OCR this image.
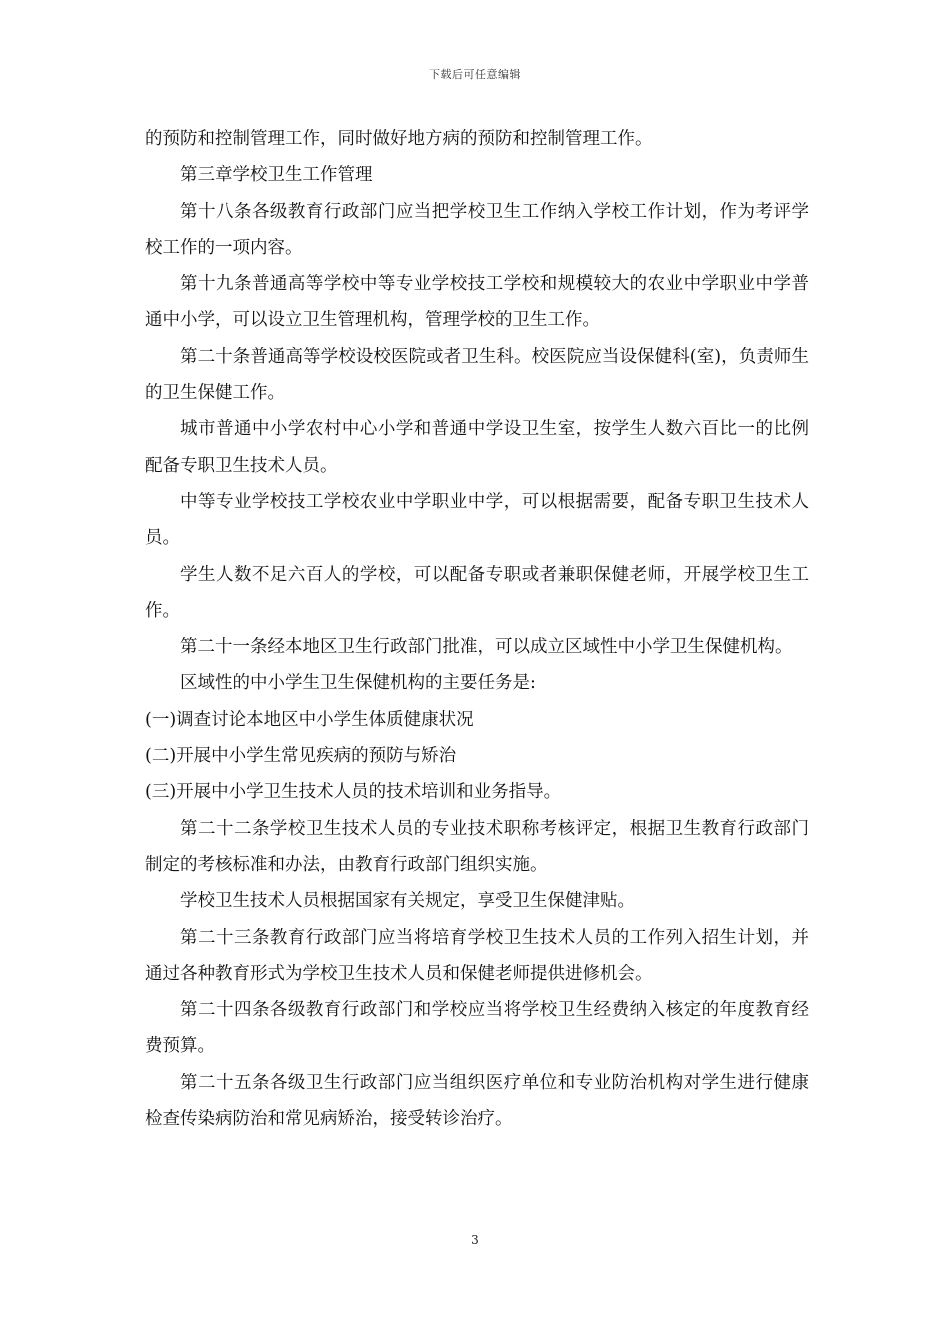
下载后可任意编辑

的预防和控制管理工作，同时做好地方病的预防和控制管理工作。

第三章学校卫生工作管理

第十八条各级教育行政部门应当把学校卫生工作纳入学校工作计划，作为考评学校工作的一项内容。

第十九条普通高等学校中等专业学校技工学校和规模较大的农业中学职业中学普通中小学，可以设立卫生管理机构，管理学校的卫生工作。

第二十条普通高等学校设校医院或者卫生科。校医院应当设保健科(室)，负责师生的卫生保健工作。

城市普通中小学农村中心小学和普通中学设卫生室，按学生人数六百比一的比例配备专职卫生技术人员。

中等专业学校技工学校农业中学职业中学，可以根据需要，配备专职卫生技术人员。

学生人数不足六百人的学校，可以配备专职或者兼职保健老师，开展学校卫生工作。

第二十一条经本地区卫生行政部门批准，可以成立区域性中小学卫生保健机构。

区域性的中小学生卫生保健机构的主要任务是:

(一)调查讨论本地区中小学生体质健康状况

(二)开展中小学生常见疾病的预防与矫治

(三)开展中小学卫生技术人员的技术培训和业务指导。

第二十二条学校卫生技术人员的专业技术职称考核评定，根据卫生教育行政部门制定的考核标准和办法，由教育行政部门组织实施。

学校卫生技术人员根据国家有关规定，享受卫生保健津贴。

第二十三条教育行政部门应当将培育学校卫生技术人员的工作列入招生计划，并通过各种教育形式为学校卫生技术人员和保健老师提供进修机会。

第二十四条各级教育行政部门和学校应当将学校卫生经费纳入核定的年度教育经费预算。

第二十五条各级卫生行政部门应当组织医疗单位和专业防治机构对学生进行健康检查传染病防治和常见病矫治，接受转诊治疗。

3
